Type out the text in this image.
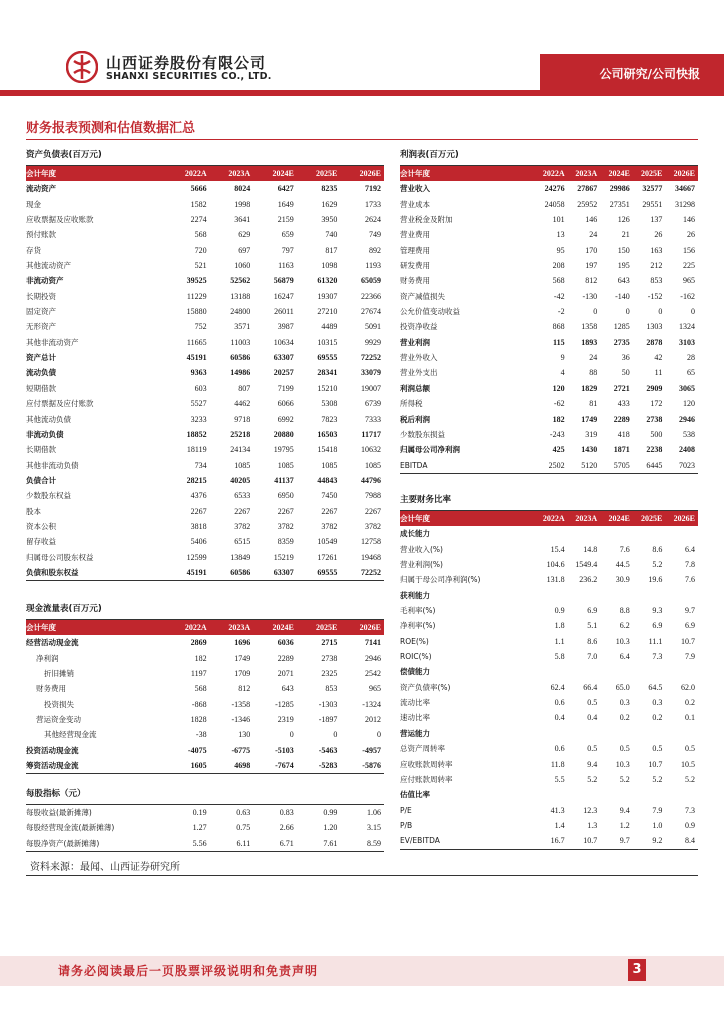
山西证券股份有限公司
SHANXI SECURITIES CO., LTD.	公司研究/公司快报
财务报表预测和估值数据汇总
资产负债表(百万元)
会计年度	2022A	2023A	2024E	2025E	2026E
流动资产	5666	8024	6427	8235	7192
现金	1582	1998	1649	1629	1733
应收票据及应收账款	2274	3641	2159	3950	2624
预付账款	568	629	659	740	749
存货	720	697	797	817	892
其他流动资产	521	1060	1163	1098	1193
非流动资产	39525	52562	56879	61320	65059
长期投资	11229	13188	16247	19307	22366
固定资产	15880	24800	26011	27210	27674
无形资产	752	3571	3987	4489	5091
其他非流动资产	11665	11003	10634	10315	9929
资产总计	45191	60586	63307	69555	72252
流动负债	9363	14986	20257	28341	33079
短期借款	603	807	7199	15210	19007
应付票据及应付账款	5527	4462	6066	5308	6739
其他流动负债	3233	9718	6992	7823	7333
非流动负债	18852	25218	20880	16503	11717
长期借款	18119	24134	19795	15418	10632
其他非流动负债	734	1085	1085	1085	1085
负债合计	28215	40205	41137	44843	44796
少数股东权益	4376	6533	6950	7450	7988
股本	2267	2267	2267	2267	2267
资本公积	3818	3782	3782	3782	3782
留存收益	5406	6515	8359	10549	12758
归属母公司股东权益	12599	13849	15219	17261	19468
负债和股东权益	45191	60586	63307	69555	72252
现金流量表(百万元)
会计年度	2022A	2023A	2024E	2025E	2026E
经营活动现金流	2869	1696	6036	2715	7141
净利润	182	1749	2289	2738	2946
折旧摊销	1197	1709	2071	2325	2542
财务费用	568	812	643	853	965
投资损失	-868	-1358	-1285	-1303	-1324
营运资金变动	1828	-1346	2319	-1897	2012
其他经营现金流	-38	130	0	0	0
投资活动现金流	-4075	-6775	-5103	-5463	-4957
筹资活动现金流	1605	4698	-7674	-5283	-5876
每股指标（元）
每股收益(最新摊薄)	0.19	0.63	0.83	0.99	1.06
每股经营现金流(最新摊薄)	1.27	0.75	2.66	1.20	3.15
每股净资产(最新摊薄)	5.56	6.11	6.71	7.61	8.59
利润表(百万元)
会计年度	2022A	2023A	2024E	2025E	2026E
营业收入	24276	27867	29986	32577	34667
营业成本	24058	25952	27351	29551	31298
营业税金及附加	101	146	126	137	146
营业费用	13	24	21	26	26
管理费用	95	170	150	163	156
研发费用	208	197	195	212	225
财务费用	568	812	643	853	965
资产减值损失	-42	-130	-140	-152	-162
公允价值变动收益	-2	0	0	0	0
投资净收益	868	1358	1285	1303	1324
营业利润	115	1893	2735	2878	3103
营业外收入	9	24	36	42	28
营业外支出	4	88	50	11	65
利润总额	120	1829	2721	2909	3065
所得税	-62	81	433	172	120
税后利润	182	1749	2289	2738	2946
少数股东损益	-243	319	418	500	538
归属母公司净利润	425	1430	1871	2238	2408
EBITDA	2502	5120	5705	6445	7023
主要财务比率
会计年度	2022A	2023A	2024E	2025E	2026E
成长能力
营业收入(%)	15.4	14.8	7.6	8.6	6.4
营业利润(%)	104.6	1549.4	44.5	5.2	7.8
归属于母公司净利润(%)	131.8	236.2	30.9	19.6	7.6
获利能力
毛利率(%)	0.9	6.9	8.8	9.3	9.7
净利率(%)	1.8	5.1	6.2	6.9	6.9
ROE(%)	1.1	8.6	10.3	11.1	10.7
ROIC(%)	5.8	7.0	6.4	7.3	7.9
偿债能力
资产负债率(%)	62.4	66.4	65.0	64.5	62.0
流动比率	0.6	0.5	0.3	0.3	0.2
速动比率	0.4	0.4	0.2	0.2	0.1
营运能力
总资产周转率	0.6	0.5	0.5	0.5	0.5
应收账款周转率	11.8	9.4	10.3	10.7	10.5
应付账款周转率	5.5	5.2	5.2	5.2	5.2
估值比率
P/E	41.3	12.3	9.4	7.9	7.3
P/B	1.4	1.3	1.2	1.0	0.9
EV/EBITDA	16.7	10.7	9.7	9.2	8.4
资料来源：最闻、山西证券研究所
请务必阅读最后一页股票评级说明和免责声明	3
